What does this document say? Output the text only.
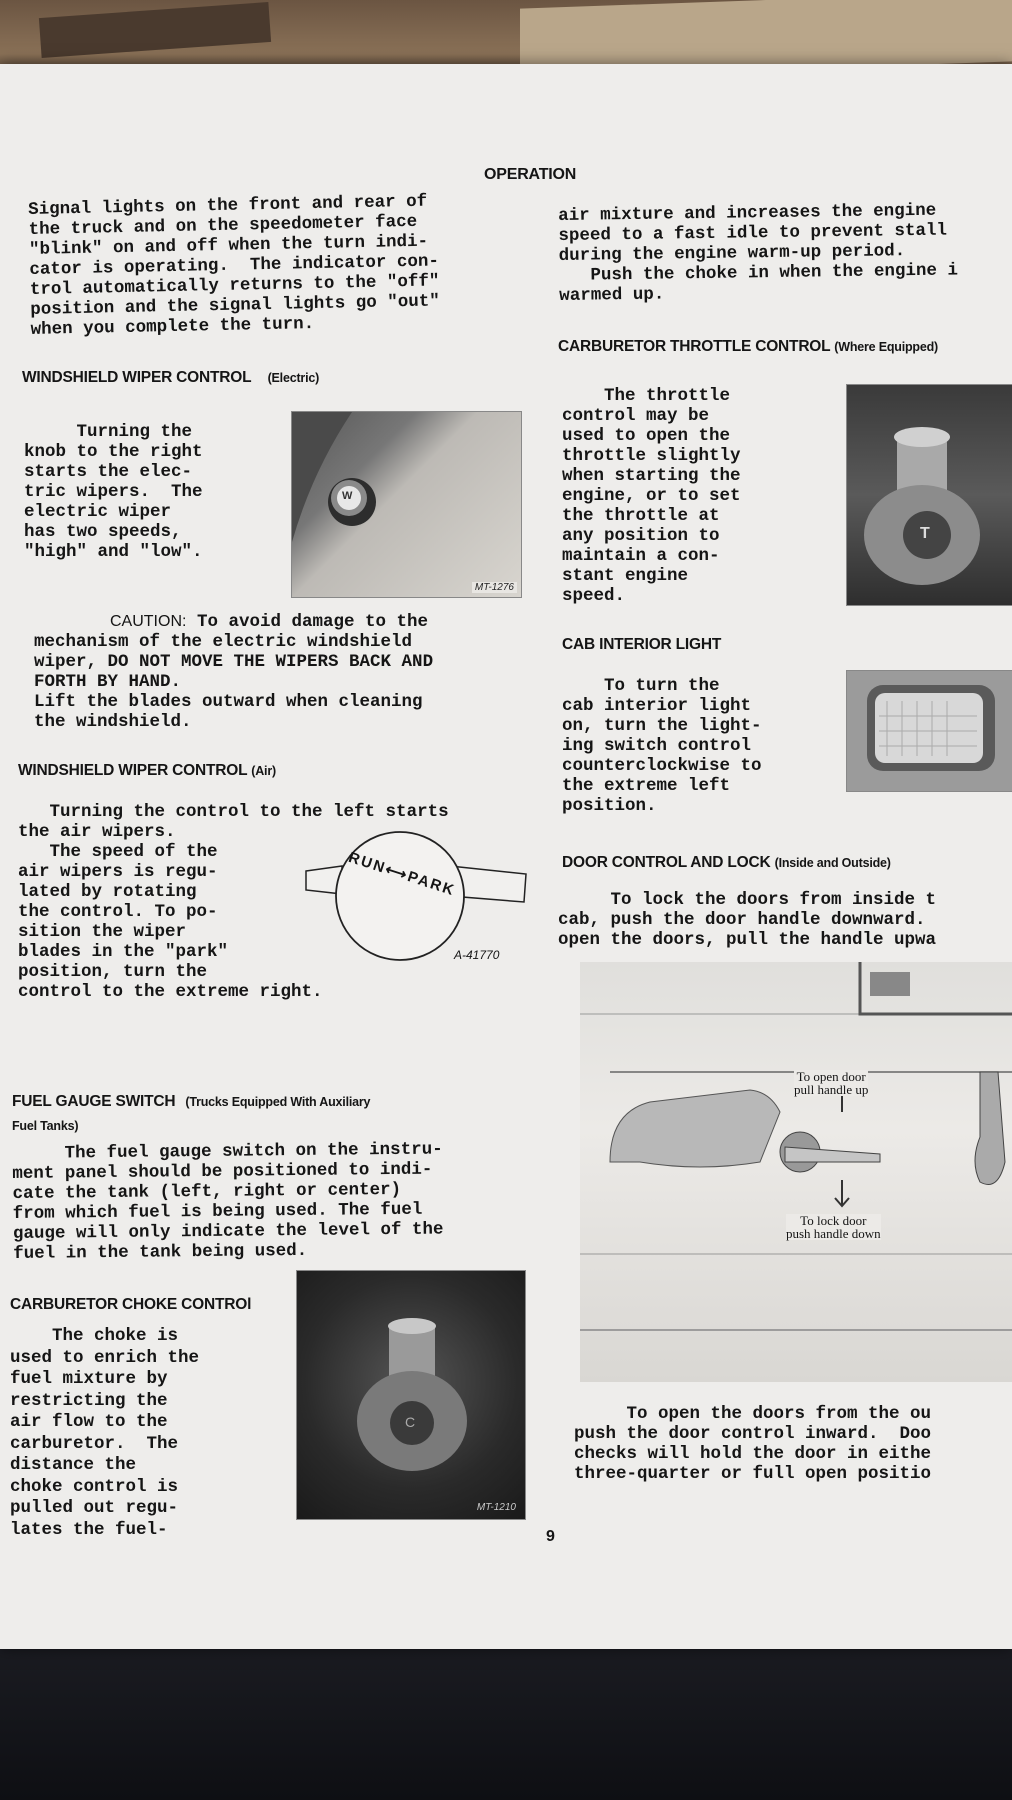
OPERATION
Signal lights on the front and rear of
the truck and on the speedometer face
"blink" on and off when the turn indi-
cator is operating.  The indicator con-
trol automatically returns to the "off"
position and the signal lights go "out"
when you complete the turn.
WINDSHIELD WIPER CONTROL (Electric)
Turning the
knob to the right
starts the elec-
tric wipers.  The
electric wiper
has two speeds,
"high" and "low".
W
MT-1276
CAUTION: To avoid damage to the
mechanism of the electric windshield
wiper, DO NOT MOVE THE WIPERS BACK AND
FORTH BY HAND.
Lift the blades outward when cleaning
the windshield.
WINDSHIELD WIPER CONTROL (Air)
Turning the control to the left starts
the air wipers.
The speed of the
air wipers is regu-
lated by rotating
the control. To po-
sition the wiper
blades in the "park"
position, turn the
control to the extreme right.
RUN⟷PARK
A-41770
FUEL GAUGE SWITCH (Trucks Equipped With Auxiliary
Fuel Tanks)
The fuel gauge switch on the instru-
ment panel should be positioned to indi-
cate the tank (left, right or center)
from which fuel is being used. The fuel
gauge will only indicate the level of the
fuel in the tank being used.
CARBURETOR CHOKE CONTROl
The choke is
used to enrich the
fuel mixture by
restricting the
air flow to the
carburetor.  The
distance the
choke control is
pulled out regu-
lates the fuel-
C
MT-1210
air mixture and increases the engine
speed to a fast idle to prevent stall
during the engine warm-up period.
Push the choke in when the engine i
warmed up.
CARBURETOR THROTTLE CONTROL (Where Equipped)
The throttle
control may be
used to open the
throttle slightly
when starting the
engine, or to set
the throttle at
any position to
maintain a con-
stant engine
speed.
T
CAB INTERIOR LIGHT
To turn the
cab interior light
on, turn the light-
ing switch control
counterclockwise to
the extreme left
position.
DOOR CONTROL AND LOCK (Inside and Outside)
To lock the doors from inside t
cab, push the door handle downward.
open the doors, pull the handle upwa
To open door
pull handle up
To lock door
push handle down
To open the doors from the ou
push the door control inward.  Doo
checks will hold the door in eithe
three-quarter or full open positio
9
